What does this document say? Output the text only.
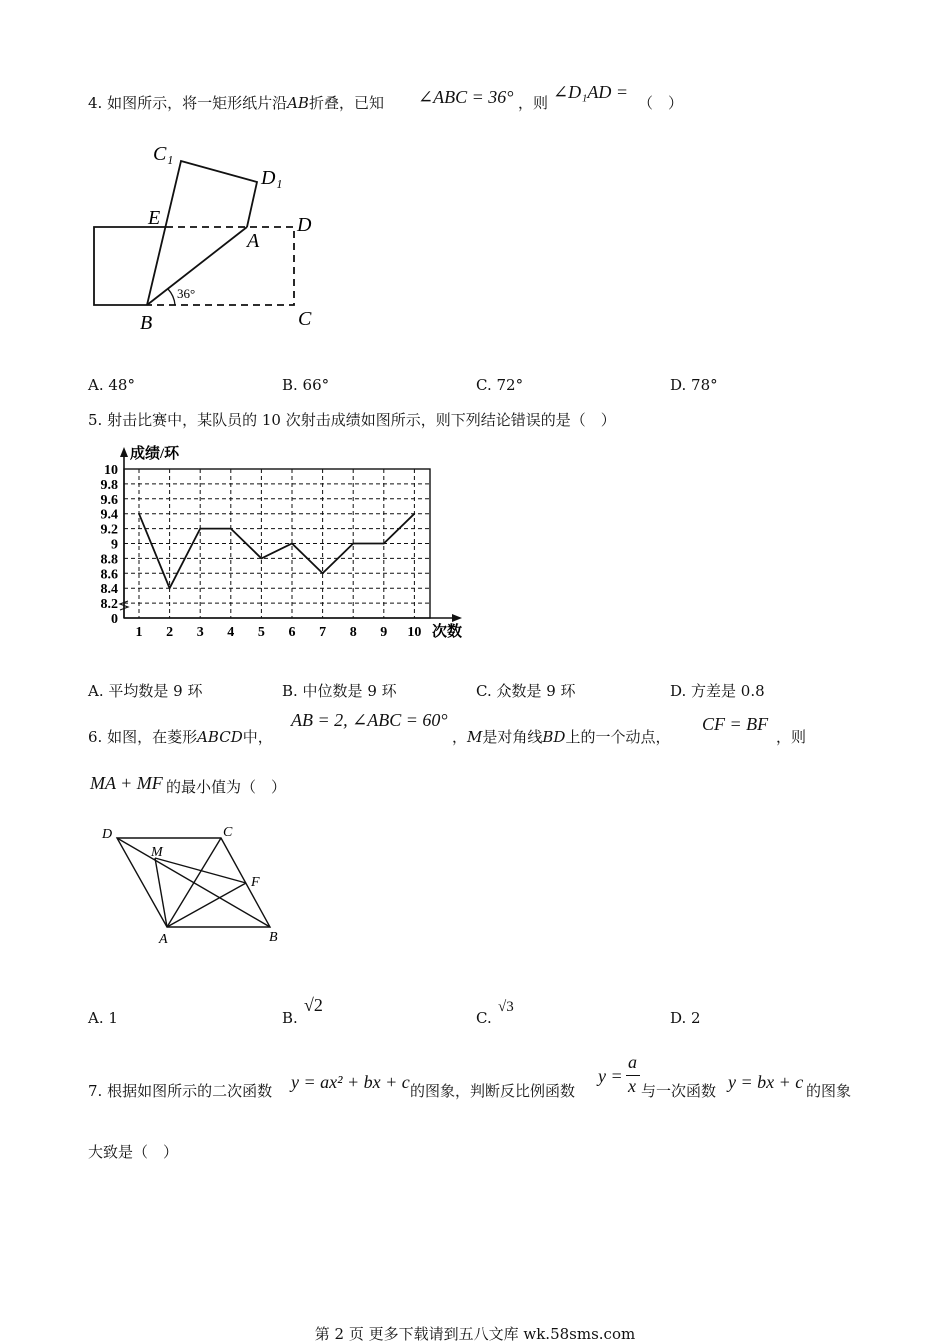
4. 如图所示，将一矩形纸片沿AB折叠，已知 ∠ABC = 36° ，则
∠D₁AD =
（　）
C₁
D₁
E	D
A
B	C
36°
A. 48°	B. 66°	C. 72°	D. 78°
5. 射击比赛中，某队员的 10 次射击成绩如图所示，则下列结论错误的是（　）
成绩/环
次数
0
8.2
8.4
8.6
8.8
9
9.2
9.4
9.6
9.8
10
1 2 3 4 5 6 7 8 9 10
A. 平均数是 9 环	B. 中位数是 9 环	C. 众数是 9 环	D. 方差是 0.8
6. 如图，在菱形ABCD中，
AB = 2, ∠ABC = 60°
，M是对角线BD上的一个动点，
CF = BF
，则
MA + MF 的最小值为（　）
D	C
M
F
A	B
A. 1	B.
√2
C.
√3
D. 2
7. 根据如图所示的二次函数 y = ax² + bx + c 的图象，判断反比例函数
y =
a
x 与一次函数 y = bx + c 的图象
大致是（　）
第 2 页 更多下载请到五八文库 wk.58sms.com
